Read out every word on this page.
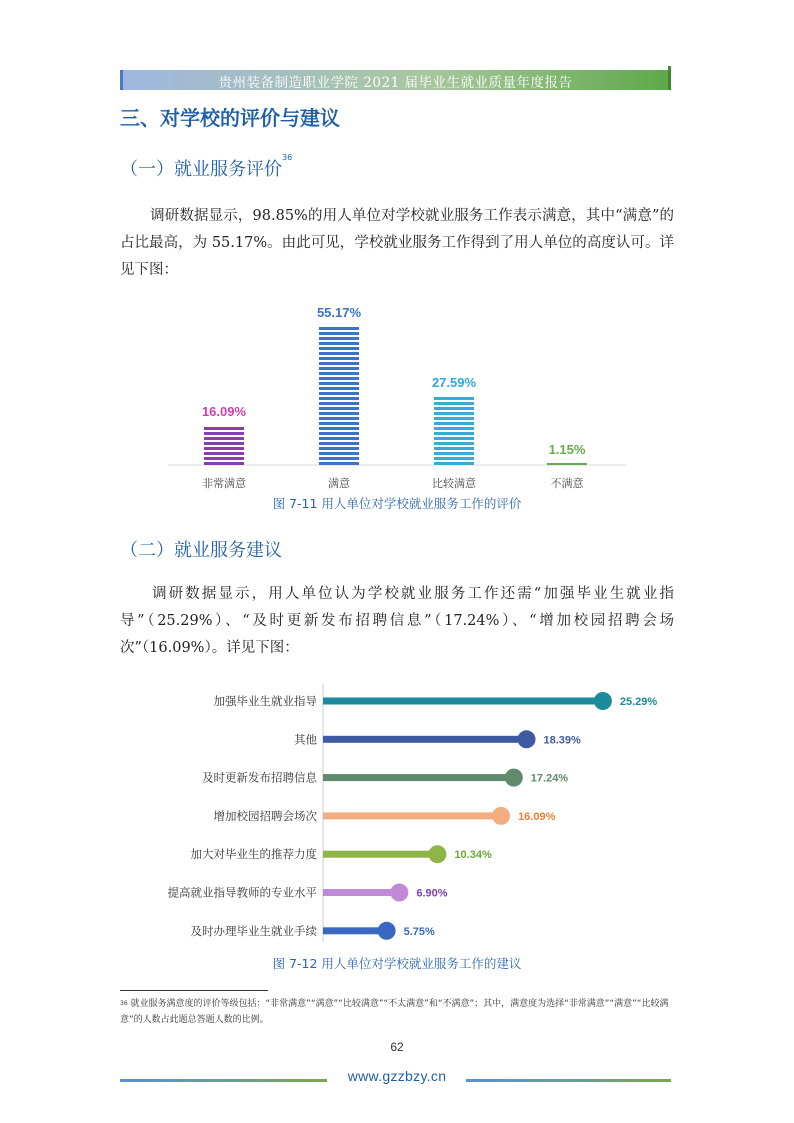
贵州装备制造职业学院 2021 届毕业生就业质量年度报告
三、对学校的评价与建议
（一）就业服务评价$^{36}$
调研数据显示，98.85%的用人单位对学校就业服务工作表示满意，其中“满意”的占比最高，为 55.17%。由此可见，学校就业服务工作得到了用人单位的高度认可。详见下图：
16.09%
非常满意
55.17%
满意
27.59%
比较满意
1.15%
不满意
图 7-11 用人单位对学校就业服务工作的评价
（二）就业服务建议
调研数据显示，用人单位认为学校就业服务工作还需“加强毕业生就业指导”（25.29%）、“及时更新发布招聘信息”（17.24%）、“增加校园招聘会场次”（16.09%）。详见下图：
加强毕业生就业指导	25.29%
其他	18.39%
及时更新发布招聘信息	17.24%
增加校园招聘会场次	16.09%
加大对毕业生的推荐力度	10.34%
提高就业指导教师的专业水平	6.90%
及时办理毕业生就业手续	5.75%
图 7-12 用人单位对学校就业服务工作的建议
$^{36}$ 就业服务满意度的评价等级包括：“非常满意”“满意”“比较满意”“不太满意”和“不满意”；其中，满意度为选择“非常满意”“满意”“比较满意”的人数占此题总答题人数的比例。
62
www.gzzbzy.cn
